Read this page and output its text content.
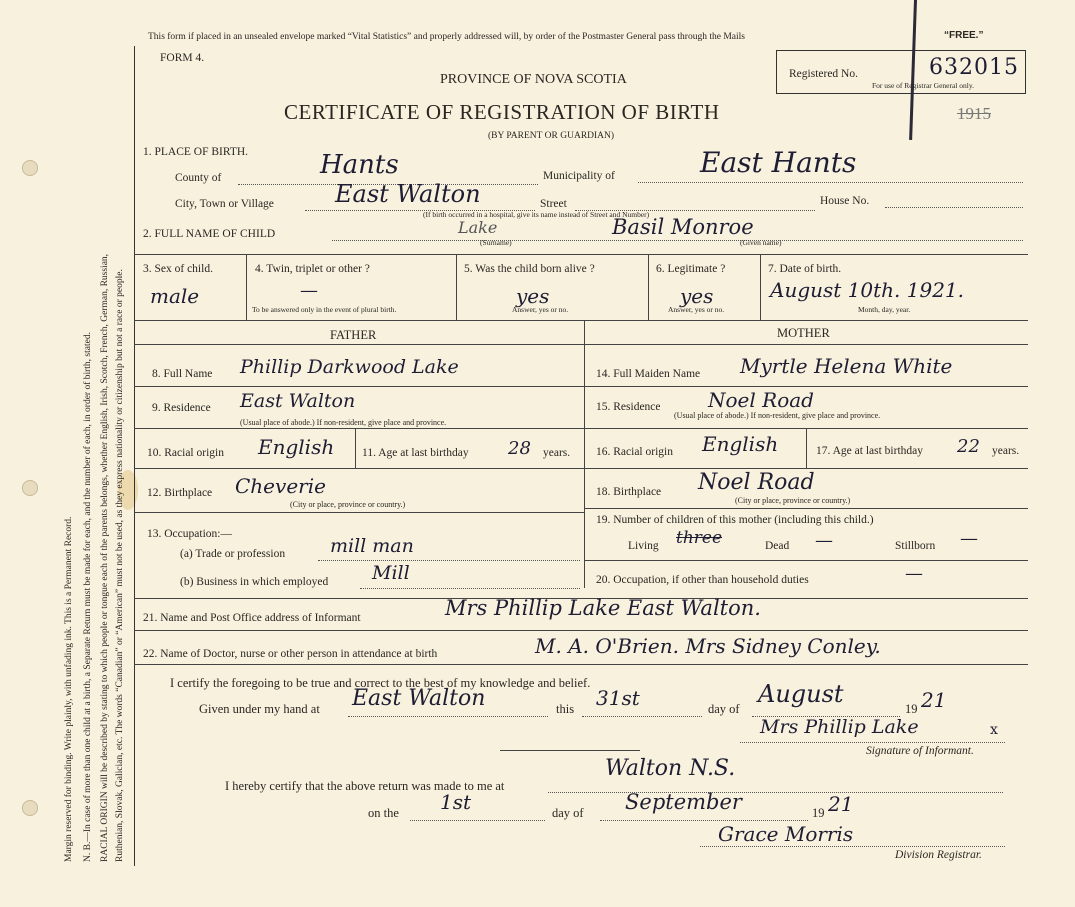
Margin reserved for binding. Write plainly, with unfading ink. This is a Permanent Record. N. B.—In case of more than one child at a birth, a Separate Return must be made for each, and the number of each, in order of birth, stated. RACIAL ORIGIN will be described by stating to which people or tongue each of the parents belongs, whether English, Irish, Scotch, French, German, Russian, Ruthenian, Slovak, Galician, etc. The words “Canadian” or “American” must not be used, as they express nationality or citizenship but not a race or people.
This form if placed in an unsealed envelope marked “Vital Statistics” and properly addressed will, by order of the Postmaster General pass through the Mails	“FREE.”
FORM 4.
PROVINCE OF NOVA SCOTIA
CERTIFICATE OF REGISTRATION OF BIRTH
(BY PARENT OR GUARDIAN)
Registered No.	632015
For use of Registrar General only.
1915
1. PLACE OF BIRTH.
County of	Hants	Municipality of	East Hants
City, Town or Village	East Walton	Street
(If birth occurred in a hospital, give its name instead of Street and Number)
House No.
2. FULL NAME OF CHILD	Lake
(Surname)
Basil Monroe
(Given name)
3. Sex of child.
male
4. Twin, triplet or other ?
—
To be answered only in the event of plural birth.
5. Was the child born alive ?
yes
Answer, yes or no.
6. Legitimate ?
yes
Answer, yes or no.
7. Date of birth.
August 10th. 1921.
Month, day, year.
FATHER	MOTHER
8. Full Name Phillip Darkwood Lake
9. Residence East Walton
(Usual place of abode.) If non-resident, give place and province.
10. Racial origin English 11. Age at last birthday 28 years.
12. Birthplace Cheverie
(City or place, province or country.)
13. Occupation:—
(a) Trade or profession mill man
(b) Business in which employed Mill
14. Full Maiden Name Myrtle Helena White
15. Residence Noel Road
(Usual place of abode.) If non-resident, give place and province.
16. Racial origin English	17. Age at last birthday 22 years.
18. Birthplace Noel Road
(City or place, province or country.)
19. Number of children of this mother (including this child.)
Living three	Dead —	Stillborn —
20. Occupation, if other than household duties	—
21. Name and Post Office address of Informant	Mrs Phillip Lake East Walton.
22. Name of Doctor, nurse or other person in attendance at birth	M. A. O'Brien. Mrs Sidney Conley.
I certify the foregoing to be true and correct to the best of my knowledge and belief.
Given under my hand at East Walton	this 31st	day of
August
19 21
Mrs Phillip Lake	x
Signature of Informant.
I hereby certify that the above return was made to me at
Walton N.S.
on the 1st	day of September	19 21
Grace Morris
Division Registrar.
